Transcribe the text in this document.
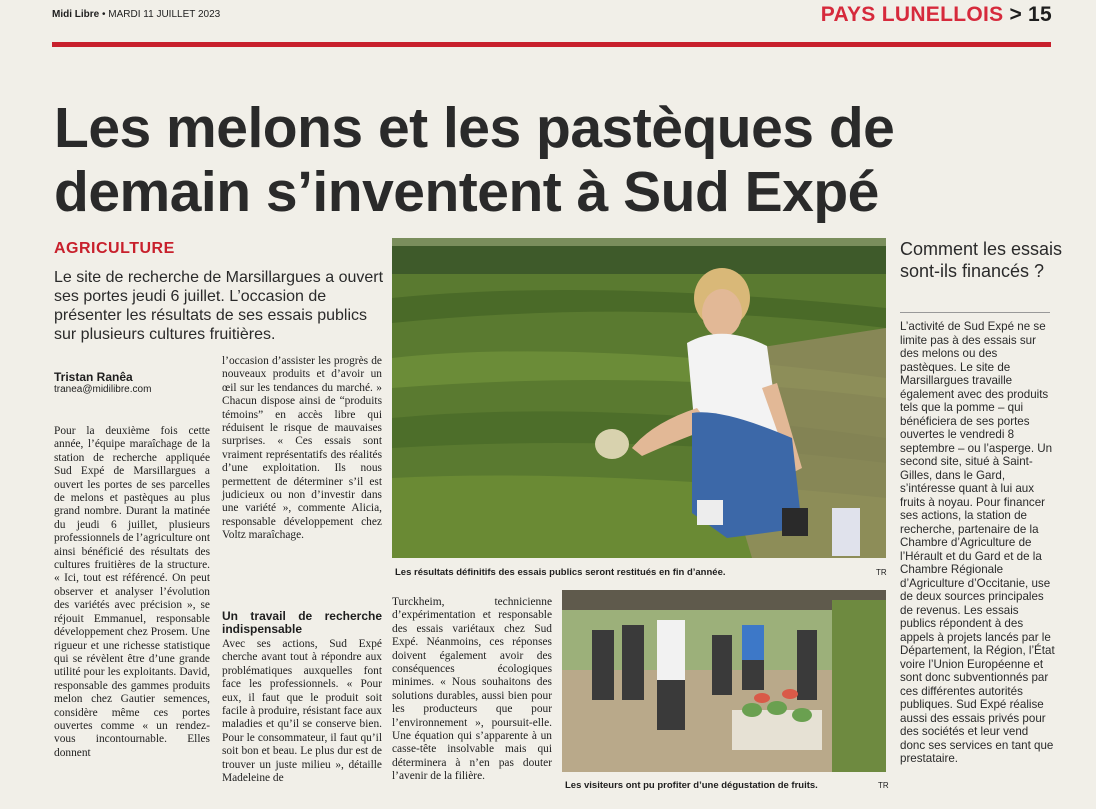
Midi Libre • MARDI 11 JUILLET 2023	PAYS LUNELLOIS > 15
Les melons et les pastèques de demain s’inventent à Sud Expé
AGRICULTURE
Le site de recherche de Marsillargues a ouvert ses portes jeudi 6 juillet. L’occasion de présenter les résultats de ses essais publics sur plusieurs cultures fruitières.
Tristan Ranêa
tranea@midilibre.com

Pour la deuxième fois cette année, l’équipe maraîchage de la station de recherche appliquée Sud Expé de Marsillargues a ouvert les portes de ses parcelles de melons et pastèques au plus grand nombre. Durant la matinée du jeudi 6 juillet, plusieurs professionnels de l’agriculture ont ainsi bénéficié des résultats des cultures fruitières de la structure. « Ici, tout est référencé. On peut observer et analyser l’évolution des variétés avec précision », se réjouit Emmanuel, responsable développement chez Prosem. Une rigueur et une richesse statistique qui se révèlent être d’une grande utilité pour les exploitants. David, responsable des gammes produits melon chez Gautier semences, considère même ces portes ouvertes comme « un rendez-vous incontournable. Elles donnent

l’occasion d’assister les progrès de nouveaux produits et d’avoir un œil sur les tendances du marché. » Chacun dispose ainsi de “produits témoins” en accès libre qui réduisent le risque de mauvaises surprises. « Ces essais sont vraiment représentatifs des réalités d’une exploitation. Ils nous permettent de déterminer s’il est judicieux ou non d’investir dans une variété », commente Alicia, responsable développement chez Voltz maraîchage.

Un travail de recherche indispensable

Avec ses actions, Sud Expé cherche avant tout à répondre aux problématiques auxquelles font face les professionnels. « Pour eux, il faut que le produit soit facile à produire, résistant face aux maladies et qu’il se conserve bien. Pour le consommateur, il faut qu’il soit bon et beau. Le plus dur est de trouver un juste milieu », détaille Madeleine de

Turckheim, technicienne d’expérimentation et responsable des essais variétaux chez Sud Expé. Néanmoins, ces réponses doivent également avoir des conséquences écologiques minimes. « Nous souhaitons des solutions durables, aussi bien pour les producteurs que pour l’environnement », poursuit-elle. Une équation qui s’apparente à un casse-tête insolvable mais qui déterminera à n’en pas douter l’avenir de la filière.

Les résultats définitifs des essais publics seront restitués en fin d’année.	TR
Les visiteurs ont pu profiter d’une dégustation de fruits.	TR
Comment les essais sont-ils financés ?
L’activité de Sud Expé ne se limite pas à des essais sur des melons ou des pastèques. Le site de Marsillargues travaille également avec des produits tels que la pomme – qui bénéficiera de ses portes ouvertes le vendredi 8 septembre – ou l’asperge. Un second site, situé à Saint-Gilles, dans le Gard, s’intéresse quant à lui aux fruits à noyau. Pour financer ses actions, la station de recherche, partenaire de la Chambre d’Agriculture de l’Hérault et du Gard et de la Chambre Régionale d’Agriculture d’Occitanie, use de deux sources principales de revenus. Les essais publics répondent à des appels à projets lancés par le Département, la Région, l’État voire l’Union Européenne et sont donc subventionnés par ces différentes autorités publiques. Sud Expé réalise aussi des essais privés pour des sociétés et leur vend donc ses services en tant que prestataire.
